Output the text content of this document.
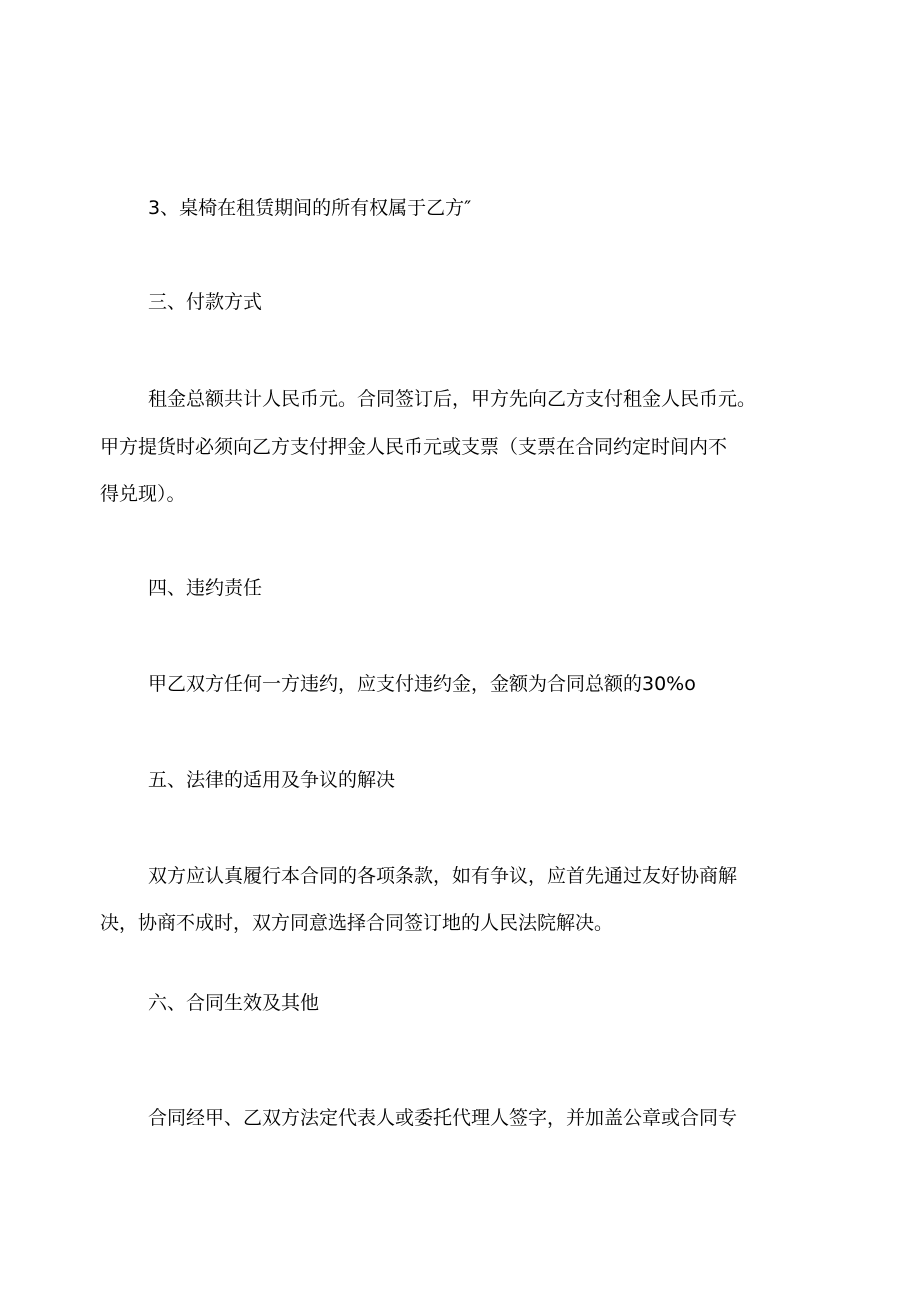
3、桌椅在租赁期间的所有权属于乙方″
三、付款方式
租金总额共计人民币元。合同签订后，甲方先向乙方支付租金人民币元。
甲方提货时必须向乙方支付押金人民币元或支票（支票在合同约定时间内不
得兑现）。
四、违约责任
甲乙双方任何一方违约，应支付违约金，金额为合同总额的30%o
五、法律的适用及争议的解决
双方应认真履行本合同的各项条款，如有争议，应首先通过友好协商解
决，协商不成时，双方同意选择合同签订地的人民法院解决。
六、合同生效及其他
合同经甲、乙双方法定代表人或委托代理人签字，并加盖公章或合同专
